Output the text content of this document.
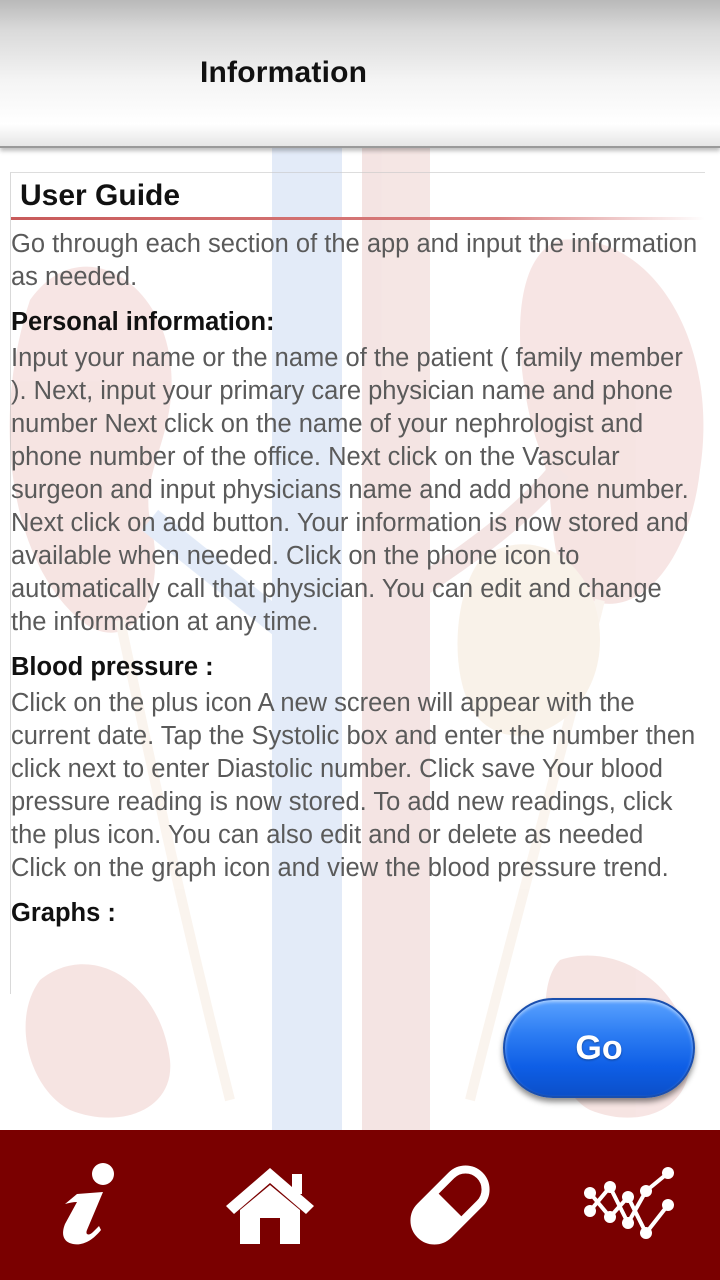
Information
User Guide

Go through each section of the app and input the information as needed.

Personal information:

Input your name or the name of the patient ( family member ). Next, input your primary care physician name and phone number Next click on the name of your nephrologist and phone number of the office. Next click on the Vascular surgeon and input physicians name and add phone number. Next click on add button. Your information is now stored and available when needed. Click on the phone icon to automatically call that physician. You can edit and change the information at any time.

Blood pressure :

Click on the plus icon A new screen will appear with the current date. Tap the Systolic box and enter the number then click next to enter Diastolic number. Click save Your blood pressure reading is now stored. To add new readings, click the plus icon. You can also edit and or delete as needed Click on the graph icon and view the blood pressure trend.

Graphs :
Go
